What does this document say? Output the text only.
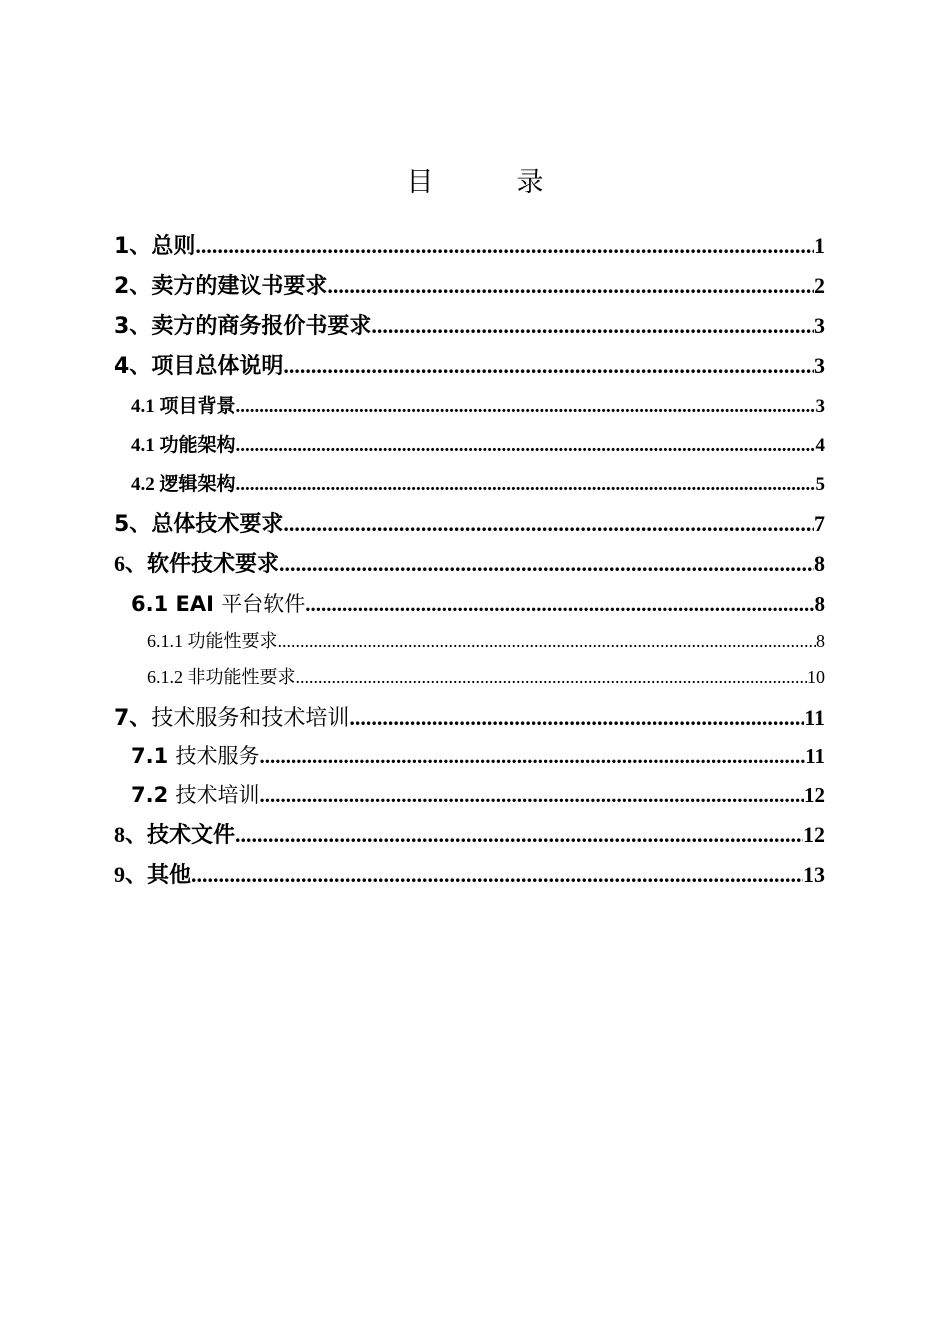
目　录
1、总则 .....	1
2、卖方的建议书要求 .....	2
3、卖方的商务报价书要求 .....	3
4、项目总体说明 .....	3
4.1 项目背景 .....	3
4.1 功能架构 .....	4
4.2 逻辑架构 .....	5
5、总体技术要求 .....	7
6、软件技术要求 .....	8
6.1 EAI 平台软件 .....	8
6.1.1 功能性要求 .....	8
6.1.2 非功能性要求 .....	10
7、技术服务和技术培训 .....	11
7.1 技术服务 .....	11
7.2 技术培训 .....	12
8、技术文件 .....	12
9、其他 .....	13
